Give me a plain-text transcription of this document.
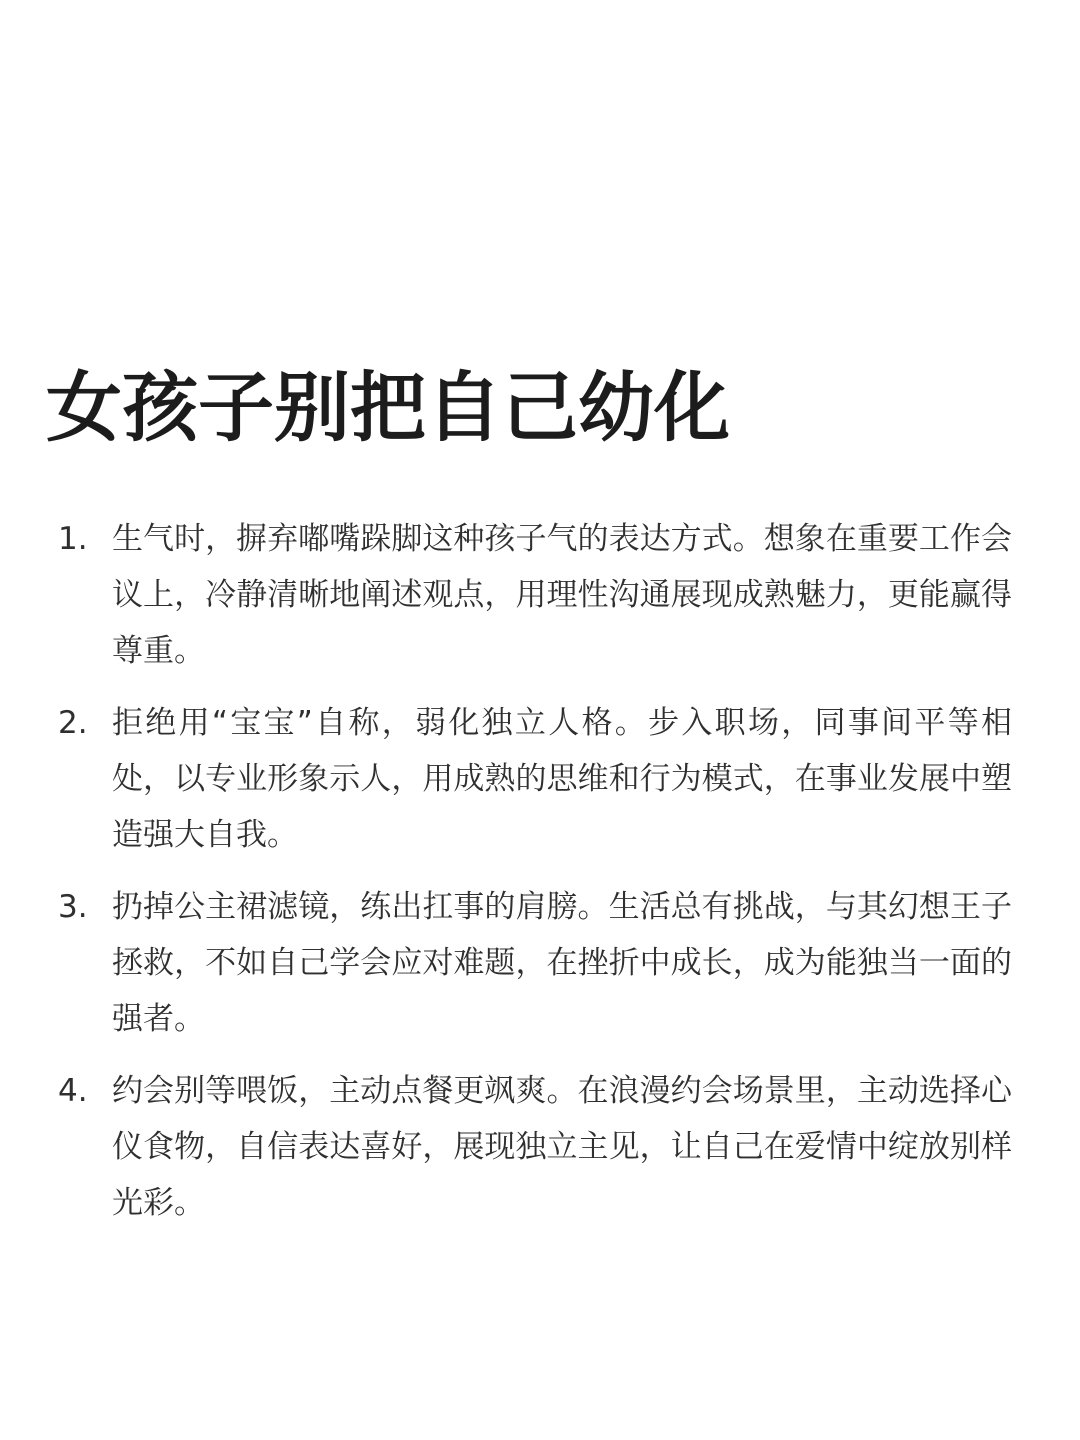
女孩子别把自己幼化
1. 生气时，摒弃嘟嘴跺脚这种孩子气的表达方式。想象在重要工作会议上，冷静清晰地阐述观点，用理性沟通展现成熟魅力，更能赢得尊重。
2. 拒绝用“宝宝”自称，弱化独立人格。步入职场，同事间平等相处，以专业形象示人，用成熟的思维和行为模式，在事业发展中塑造强大自我。
3. 扔掉公主裙滤镜，练出扛事的肩膀。生活总有挑战，与其幻想王子拯救，不如自己学会应对难题，在挫折中成长，成为能独当一面的强者。
4. 约会别等喂饭，主动点餐更飒爽。在浪漫约会场景里，主动选择心仪食物，自信表达喜好，展现独立主见，让自己在爱情中绽放别样光彩。
